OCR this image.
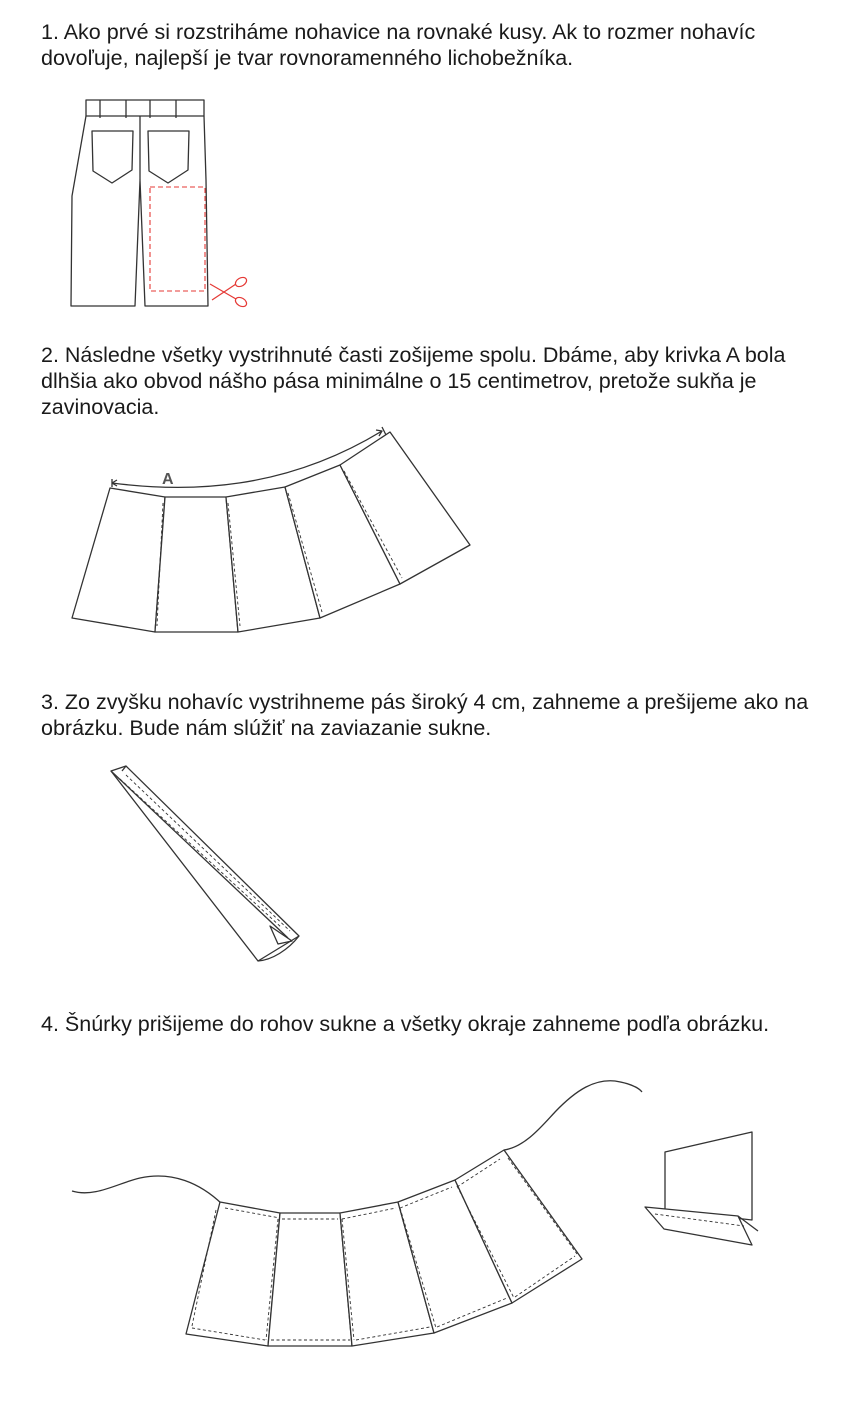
1. Ako prvé si rozstriháme nohavice na rovnaké kusy. Ak to rozmer nohavíc dovoľuje, najlepší je tvar rovnoramenného lichobežníka.

2. Následne všetky vystrihnuté časti zošijeme spolu. Dbáme, aby krivka A bola dlhšia ako obvod nášho pása minimálne o 15 centimetrov, pretože sukňa je zavinovacia.

3. Zo zvyšku nohavíc vystrihneme pás široký 4 cm, zahneme a prešijeme ako na obrázku. Bude nám slúžiť na zaviazanie sukne.

4. Šnúrky prišijeme do rohov sukne a všetky okraje zahneme podľa obrázku.

A
